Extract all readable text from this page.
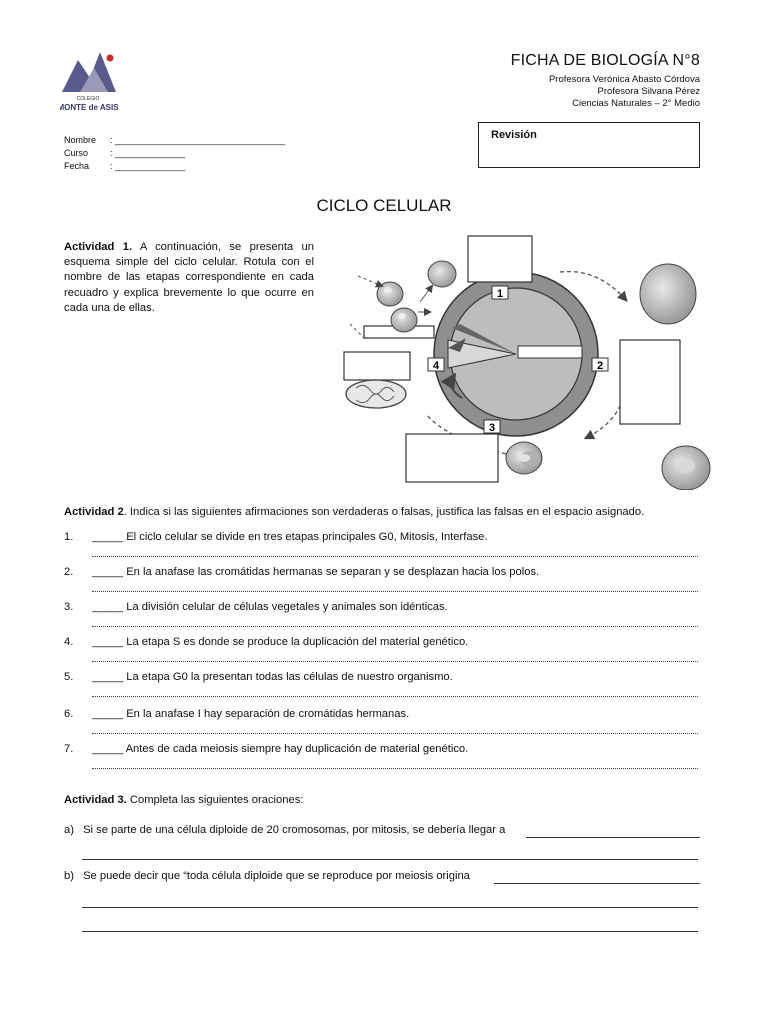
COLEGIO
MONTE de ASIS
FICHA DE BIOLOGÍA N°8
Profesora Verónica Abasto Córdova
Profesora Silvana Pérez
Ciencias Naturales – 2° Medio
Nombre	: __________________________________
Curso	: ______________
Fecha	: ______________
Revisión
CICLO CELULAR
Actividad 1. A continuación, se presenta un esquema simple del ciclo celular. Rotula con el nombre de las etapas correspondiente en cada recuadro y explica brevemente lo que ocurre en cada una de ellas.
1
2
3
4
Actividad 2. Indica si las siguientes afirmaciones son verdaderas o falsas, justifica las falsas en el espacio asignado.
1. _____ El ciclo celular se divide en tres etapas principales G0, Mitosis, Interfase.
2. _____ En la anafase las cromátidas hermanas se separan y se desplazan hacia los polos.
3. _____ La división celular de células vegetales y animales son idénticas.
4. _____ La etapa S es donde se produce la duplicación del material genético.
5. _____ La etapa G0 la presentan todas las células de nuestro organismo.
6. _____ En la anafase I hay separación de cromátidas hermanas.
7. _____ Antes de cada meiosis siempre hay duplicación de material genético.
Actividad 3. Completa las siguientes oraciones:
a) Si se parte de una célula diploide de 20 cromosomas, por mitosis, se debería llegar a
b) Se puede decir que “toda célula diploide que se reproduce por meiosis origina
